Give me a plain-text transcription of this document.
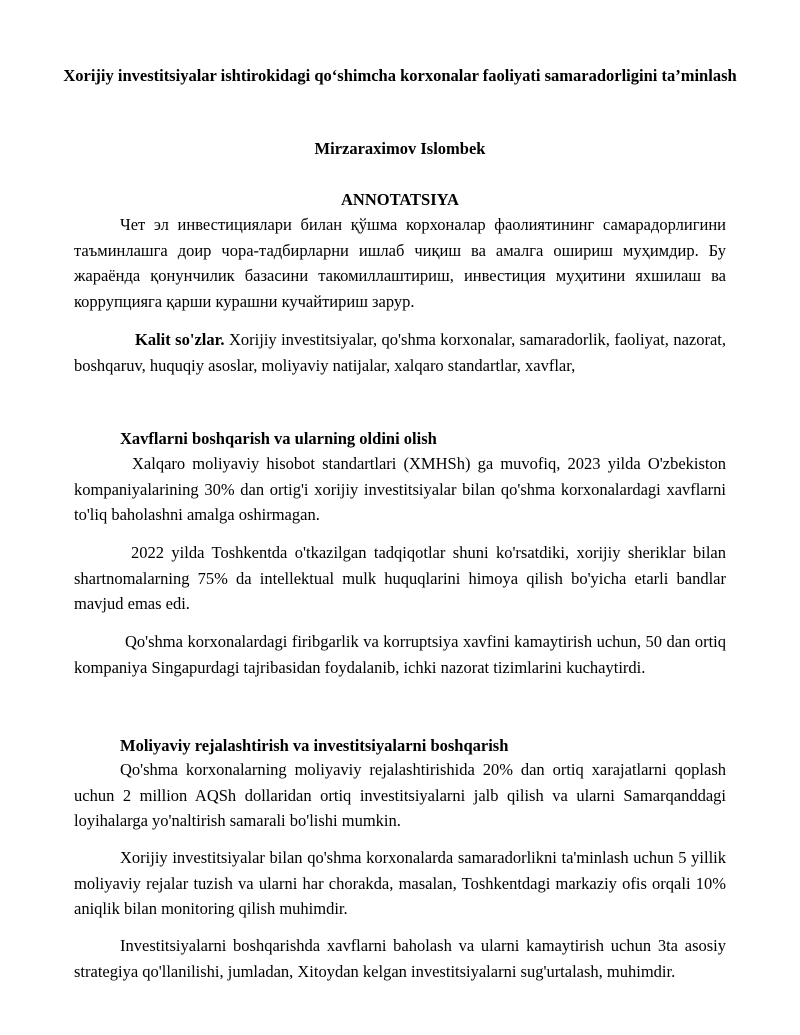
Xorijiy investitsiyalar ishtirokidagi qo‘shimcha korxonalar faoliyati samaradorligini ta’minlash
Mirzaraximov Islombek
ANNOTATSIYA
Чет эл инвестициялари билан қўшма корхоналар фаолиятининг самарадорлигини таъминлашга доир чора-тадбирларни ишлаб чиқиш ва амалга ошириш муҳимдир. Бу жараёнда қонунчилик базасини такомиллаштириш, инвестиция муҳитини яхшилаш ва коррупцияга қарши курашни кучайтириш зарур.
Kalit so'zlar. Xorijiy investitsiyalar, qo'shma korxonalar, samaradorlik, faoliyat, nazorat, boshqaruv, huquqiy asoslar, moliyaviy natijalar, xalqaro standartlar, xavflar,
Xavflarni boshqarish va ularning oldini olish
Xalqaro moliyaviy hisobot standartlari (XMHSh) ga muvofiq, 2023 yilda O'zbekiston kompaniyalarining 30% dan ortig'i xorijiy investitsiyalar bilan qo'shma korxonalardagi xavflarni to'liq baholashni amalga oshirmagan.
2022 yilda Toshkentda o'tkazilgan tadqiqotlar shuni ko'rsatdiki, xorijiy sheriklar bilan shartnomalarning 75% da intellektual mulk huquqlarini himoya qilish bo'yicha etarli bandlar mavjud emas edi.
Qo'shma korxonalardagi firibgarlik va korruptsiya xavfini kamaytirish uchun, 50 dan ortiq kompaniya Singapurdagi tajribasidan foydalanib, ichki nazorat tizimlarini kuchaytirdi.
Moliyaviy rejalashtirish va investitsiyalarni boshqarish
Qo'shma korxonalarning moliyaviy rejalashtirishida 20% dan ortiq xarajatlarni qoplash uchun 2 million AQSh dollaridan ortiq investitsiyalarni jalb qilish va ularni Samarqanddagi loyihalarga yo'naltirish samarali bo'lishi mumkin.
Xorijiy investitsiyalar bilan qo'shma korxonalarda samaradorlikni ta'minlash uchun 5 yillik moliyaviy rejalar tuzish va ularni har chorakda, masalan, Toshkentdagi markaziy ofis orqali 10% aniqlik bilan monitoring qilish muhimdir.
Investitsiyalarni boshqarishda xavflarni baholash va ularni kamaytirish uchun 3ta asosiy strategiya qo'llanilishi, jumladan, Xitoydan kelgan investitsiyalarni sug'urtalash, muhimdir.
